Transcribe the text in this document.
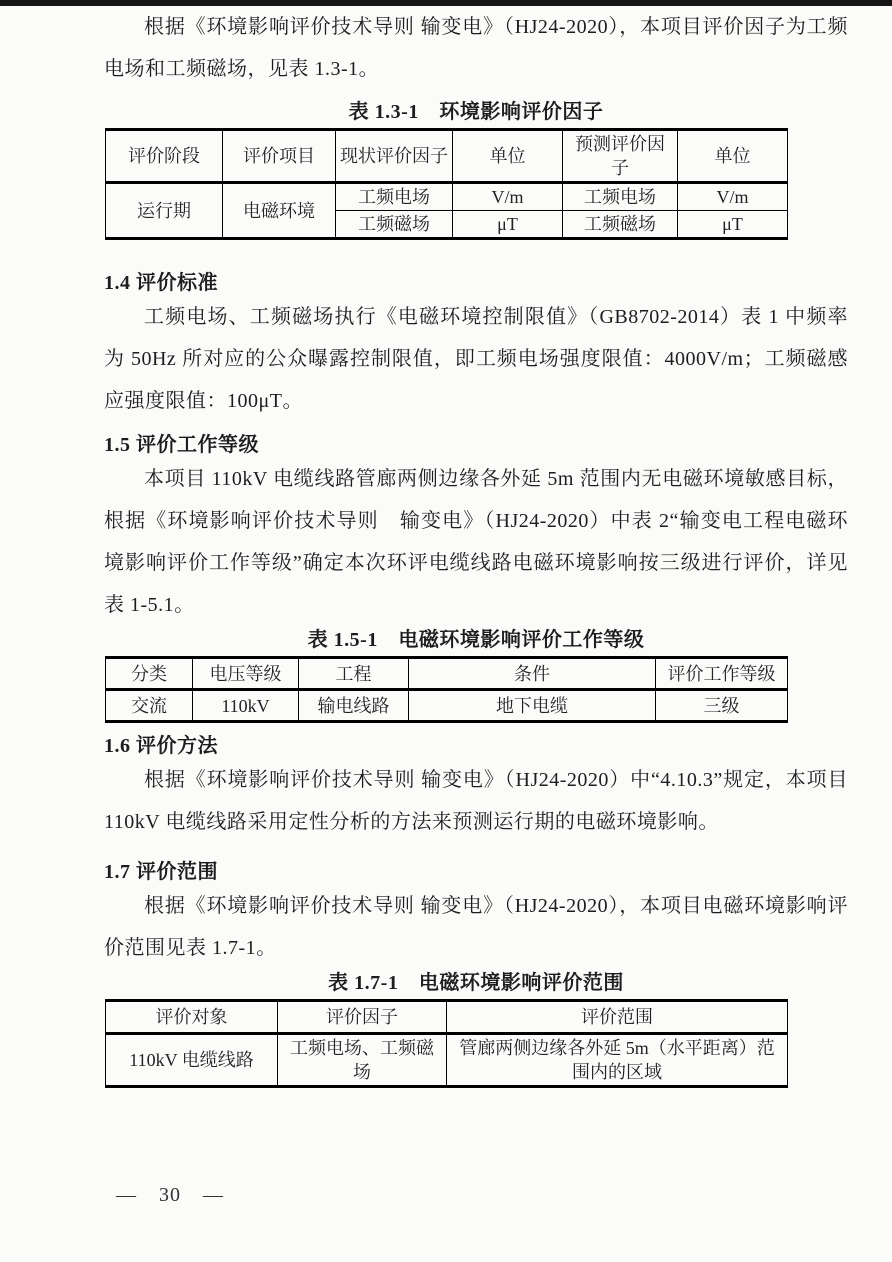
根据《环境影响评价技术导则 输变电》（HJ24-2020），本项目评价因子为工频电场和工频磁场，见表 1.3-1。

表 1.3-1　环境影响评价因子

评价阶段	评价项目	现状评价因子	单位	预测评价因子	单位
运行期	电磁环境	工频电场	V/m	工频电场	V/m
		工频磁场	μT	工频磁场	μT
1.4 评价标准

工频电场、工频磁场执行《电磁环境控制限值》（GB8702-2014）表 1 中频率为 50Hz 所对应的公众曝露控制限值，即工频电场强度限值：4000V/m；工频磁感应强度限值：100μT。

1.5 评价工作等级

本项目 110kV 电缆线路管廊两侧边缘各外延 5m 范围内无电磁环境敏感目标，根据《环境影响评价技术导则　输变电》（HJ24-2020）中表 2“输变电工程电磁环境影响评价工作等级”确定本次环评电缆线路电磁环境影响按三级进行评价，详见表 1-5.1。

表 1.5-1　电磁环境影响评价工作等级

分类	电压等级	工程	条件	评价工作等级
交流	110kV	输电线路	地下电缆	三级
1.6 评价方法

根据《环境影响评价技术导则 输变电》（HJ24-2020）中“4.10.3”规定，本项目 110kV 电缆线路采用定性分析的方法来预测运行期的电磁环境影响。

1.7 评价范围

根据《环境影响评价技术导则 输变电》（HJ24-2020），本项目电磁环境影响评价范围见表 1.7-1。

表 1.7-1　电磁环境影响评价范围

评价对象	评价因子	评价范围
110kV 电缆线路	工频电场、工频磁场	管廊两侧边缘各外延 5m（水平距离）范围内的区域
— 30 —
